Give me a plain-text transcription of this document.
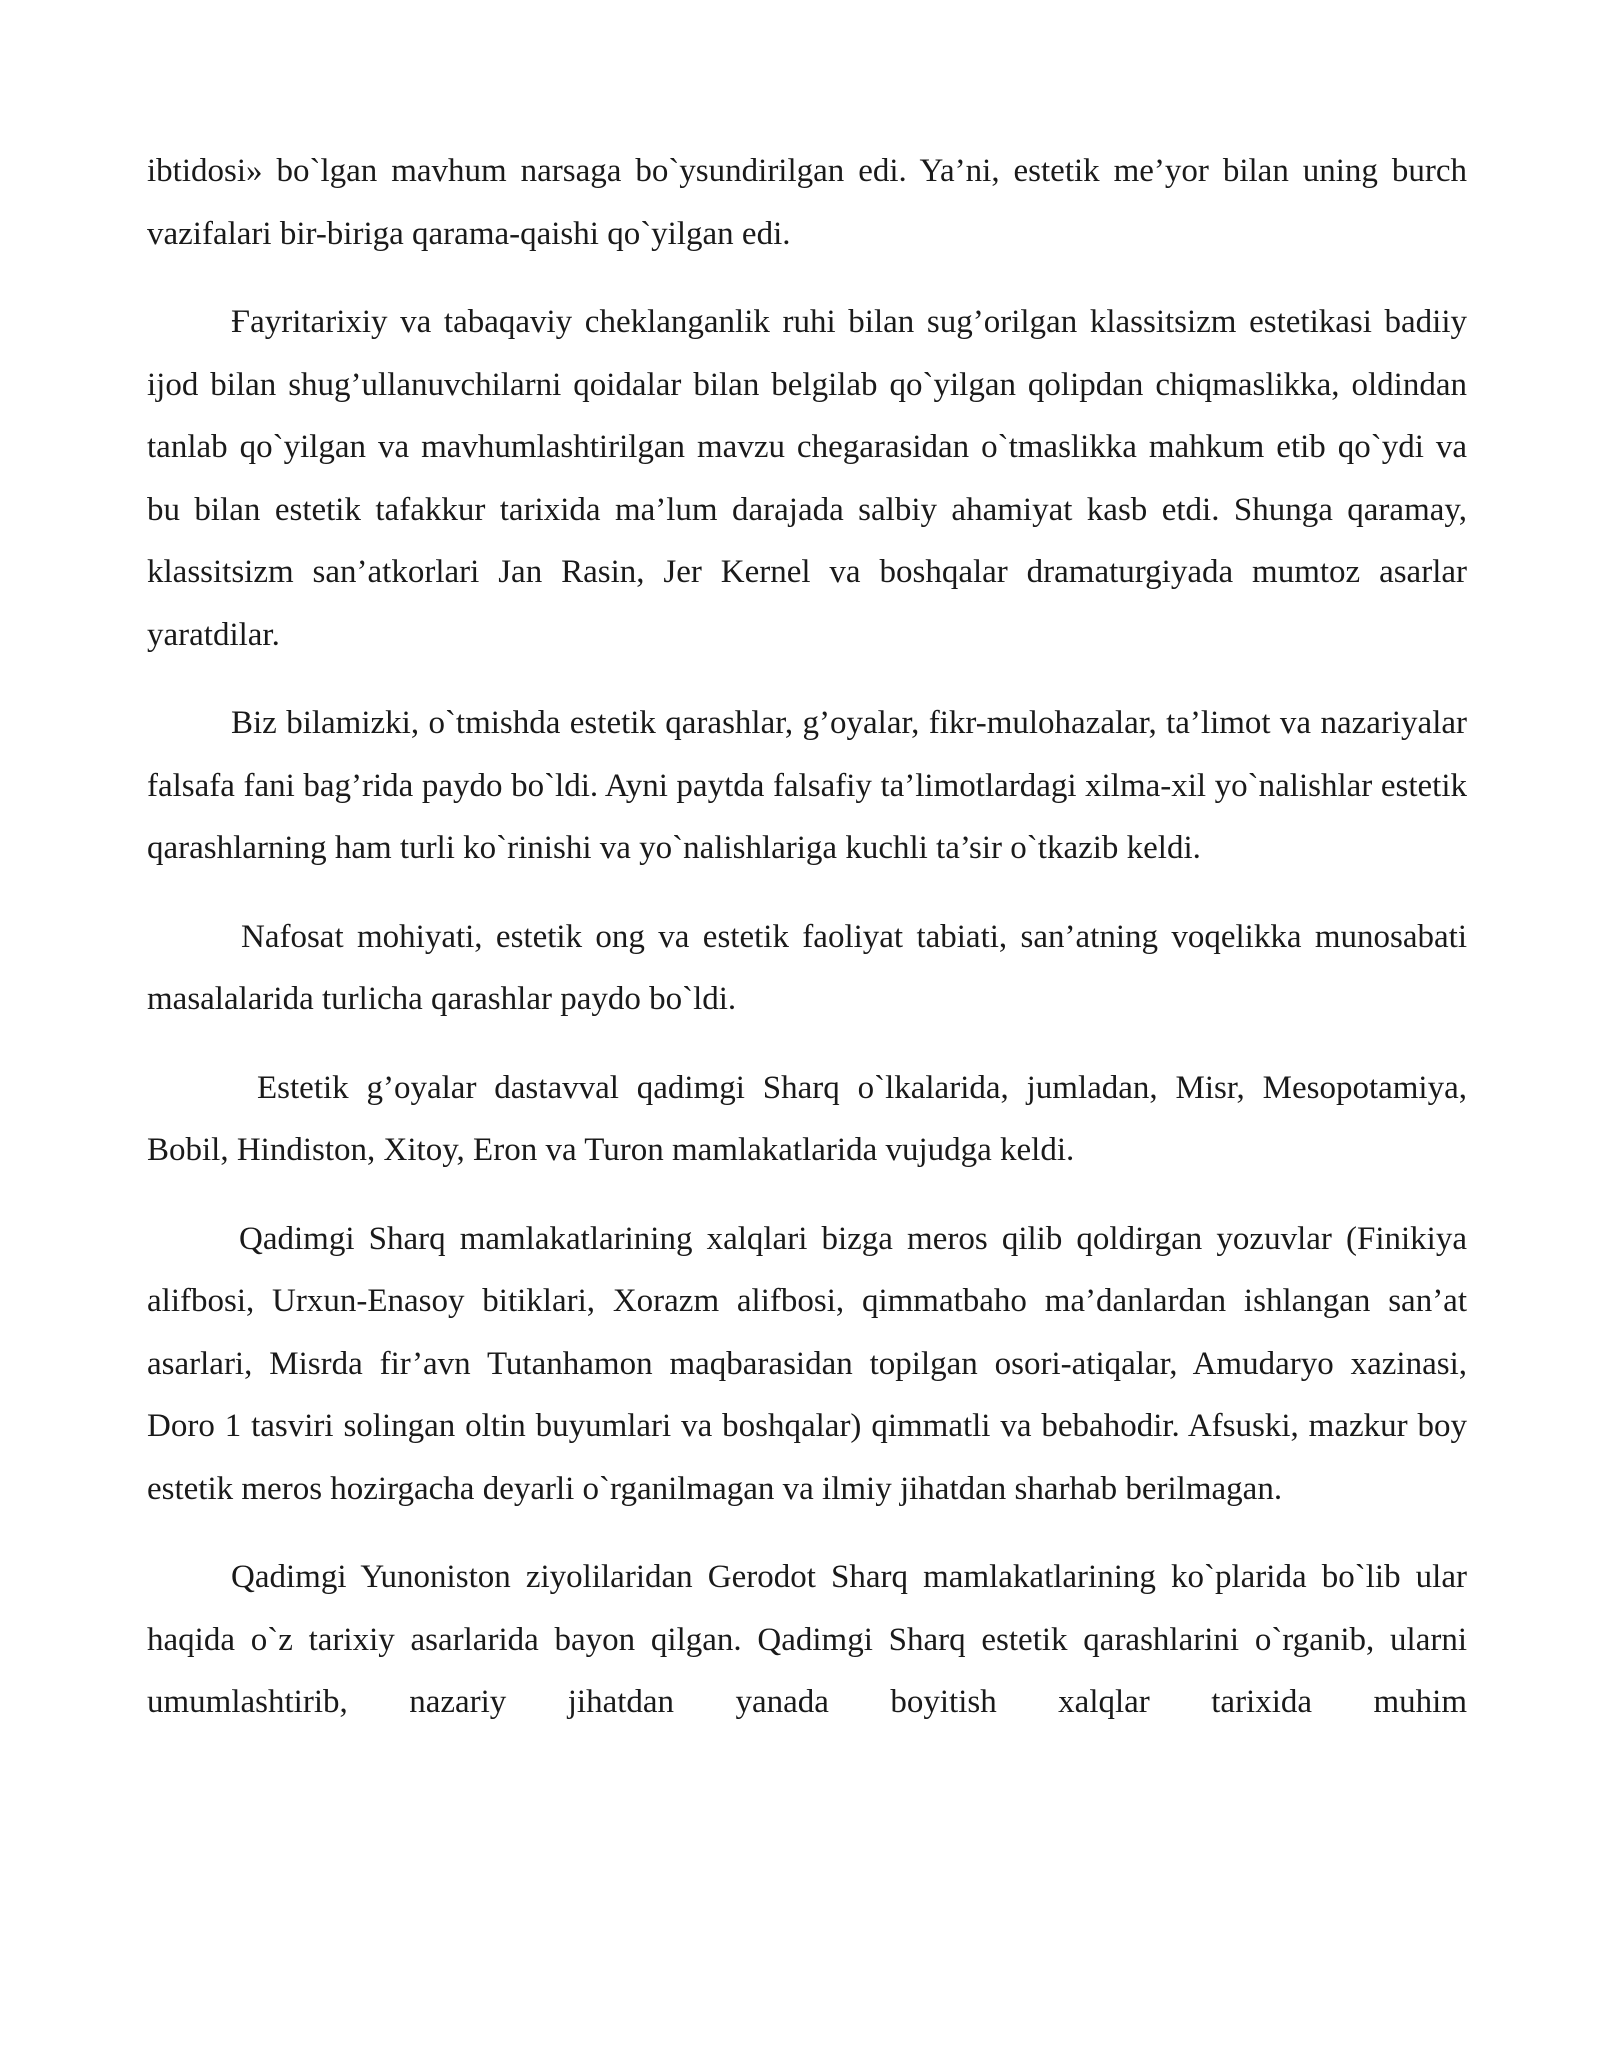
ibtidosi» bo`lgan mavhum narsaga bo`ysundirilgan edi. Ya’ni, estetik me’yor bilan uning burch vazifalari bir-biriga qarama-qaishi qo`yilgan edi.

Ғayritarixiy va tabaqaviy cheklanganlik ruhi bilan sug’orilgan klassitsizm estetikasi badiiy ijod bilan shug’ullanuvchilarni qoidalar bilan belgilab qo`yilgan qolipdan chiqmaslikka, oldindan tanlab qo`yilgan va mavhumlashtirilgan mavzu chegarasidan o`tmaslikka mahkum etib qo`ydi va bu bilan estetik tafakkur tarixida ma’lum darajada salbiy ahamiyat kasb etdi. Shunga qaramay, klassitsizm san’atkorlari Jan Rasin, Jer Kernel va boshqalar dramaturgiyada mumtoz asarlar yaratdilar.

Biz bilamizki, o`tmishda estetik qarashlar, g’oyalar, fikr-mulohazalar, ta’limot va nazariyalar falsafa fani bag’rida paydo bo`ldi. Ayni paytda falsafiy ta’limotlardagi xilma-xil yo`nalishlar estetik qarashlarning ham turli ko`rinishi va yo`nalishlariga kuchli ta’sir o`tkazib keldi.

Nafosat mohiyati, estetik ong va estetik faoliyat tabiati, san’atning voqelikka munosabati masalalarida turlicha qarashlar paydo bo`ldi.

Estetik g’oyalar dastavval qadimgi Sharq o`lkalarida, jumladan, Misr, Mesopotamiya, Bobil, Hindiston, Xitoy, Eron va Turon mamlakatlarida vujudga keldi.

Qadimgi Sharq mamlakatlarining xalqlari bizga meros qilib qoldirgan yozuvlar (Finikiya alifbosi, Urxun-Enasoy bitiklari, Xorazm alifbosi, qimmatbaho ma’danlardan ishlangan san’at asarlari, Misrda fir’avn Tutanhamon maqbarasidan topilgan osori-atiqalar, Amudaryo xazinasi, Doro 1 tasviri solingan oltin buyumlari va boshqalar) qimmatli va bebahodir. Afsuski, mazkur boy estetik meros hozirgacha deyarli o`rganilmagan va ilmiy jihatdan sharhab berilmagan.

Qadimgi Yunoniston ziyolilaridan Gerodot Sharq mamlakatlarining ko`plarida bo`lib ular haqida o`z tarixiy asarlarida bayon qilgan. Qadimgi Sharq estetik qarashlarini o`rganib, ularni umumlashtirib, nazariy jihatdan yanada boyitish xalqlar tarixida muhim
